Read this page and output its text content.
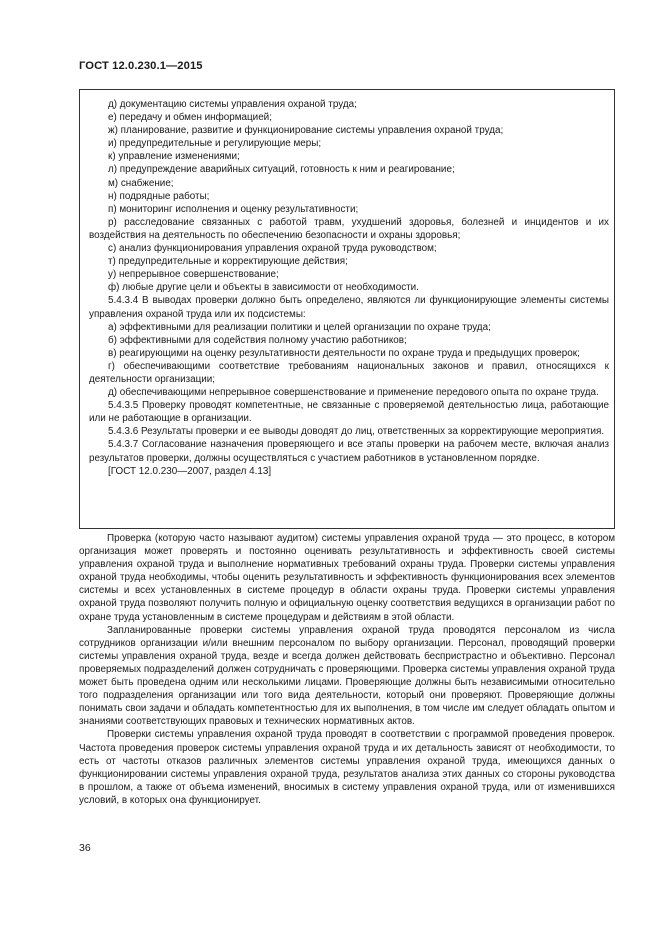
ГОСТ 12.0.230.1—2015

д) документацию системы управления охраной труда;

е) передачу и обмен информацией;

ж) планирование, развитие и функционирование системы управления охраной труда;

и) предупредительные и регулирующие меры;

к) управление изменениями;

л) предупреждение аварийных ситуаций, готовность к ним и реагирование;

м) снабжение;

н) подрядные работы;

п) мониторинг исполнения и оценку результативности;

р) расследование связанных с работой травм, ухудшений здоровья, болезней и инцидентов и их воздействия на деятельность по обеспечению безопасности и охраны здоровья;

с) анализ функционирования управления охраной труда руководством;

т) предупредительные и корректирующие действия;

у) непрерывное совершенствование;

ф) любые другие цели и объекты в зависимости от необходимости.

5.4.3.4 В выводах проверки должно быть определено, являются ли функционирующие элементы системы управления охраной труда или их подсистемы:

а) эффективными для реализации политики и целей организации по охране труда;

б) эффективными для содействия полному участию работников;

в) реагирующими на оценку результативности деятельности по охране труда и предыдущих проверок;

г) обеспечивающими соответствие требованиям национальных законов и правил, относящихся к деятельности организации;

д) обеспечивающими непрерывное совершенствование и применение передового опыта по охране труда.

5.4.3.5 Проверку проводят компетентные, не связанные с проверяемой деятельностью лица, работающие или не работающие в организации.

5.4.3.6 Результаты проверки и ее выводы доводят до лиц, ответственных за корректирующие мероприятия.

5.4.3.7 Согласование назначения проверяющего и все этапы проверки на рабочем месте, включая анализ результатов проверки, должны осуществляться с участием работников в установленном порядке.

[ГОСТ 12.0.230—2007, раздел 4.13]

Проверка (которую часто называют аудитом) системы управления охраной труда — это процесс, в котором организация может проверять и постоянно оценивать результативность и эффективность своей системы управления охраной труда и выполнение нормативных требований охраны труда. Проверки системы управления охраной труда необходимы, чтобы оценить результативность и эффективность функционирования всех элементов системы и всех установленных в системе процедур в области охраны труда. Проверки системы управления охраной труда позволяют получить полную и официальную оценку соответствия ведущихся в организации работ по охране труда установленным в системе процедурам и действиям в этой области.

Запланированные проверки системы управления охраной труда проводятся персоналом из числа сотрудников организации и/или внешним персоналом по выбору организации. Персонал, проводящий проверки системы управления охраной труда, везде и всегда должен действовать беспристрастно и объективно. Персонал проверяемых подразделений должен сотрудничать с проверяющими. Проверка системы управления охраной труда может быть проведена одним или несколькими лицами. Проверяющие должны быть независимыми относительно того подразделения организации или того вида деятельности, который они проверяют. Проверяющие должны понимать свои задачи и обладать компетентностью для их выполнения, в том числе им следует обладать опытом и знаниями соответствующих правовых и технических нормативных актов.

Проверки системы управления охраной труда проводят в соответствии с программой проведения проверок. Частота проведения проверок системы управления охраной труда и их детальность зависят от необходимости, то есть от частоты отказов различных элементов системы управления охраной труда, имеющихся данных о функционировании системы управления охраной труда, результатов анализа этих данных со стороны руководства в прошлом, а также от объема изменений, вносимых в систему управления охраной труда, или от изменившихся условий, в которых она функционирует.

36
